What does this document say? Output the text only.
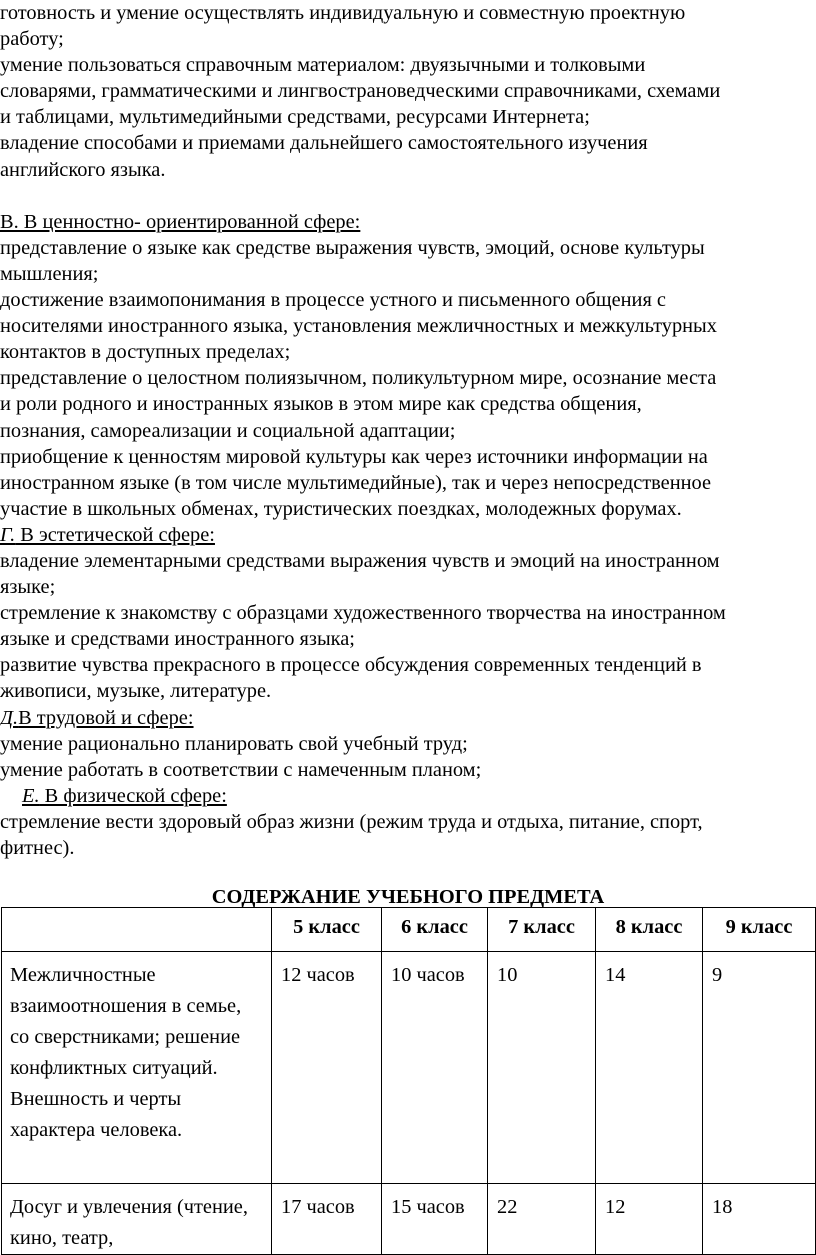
готовность и умение осуществлять индивидуальную и совместную проектную
работу;
умение пользоваться справочным материалом: двуязычными и толковыми
словарями, грамматическими и лингвострановедческими справочниками, схемами
и таблицами, мультимедийными средствами, ресурсами Интернета;
владение способами и приемами дальнейшего самостоятельного изучения
английского языка.
В. В ценностно- ориентированной сфере:
представление о языке как средстве выражения чувств, эмоций, основе культуры
мышления;
достижение взаимопонимания в процессе устного и письменного общения с
носителями иностранного языка, установления межличностных и межкультурных
контактов в доступных пределах;
представление о целостном полиязычном, поликультурном мире, осознание места
и роли родного и иностранных языков в этом мире как средства общения,
познания, самореализации и социальной адаптации;
приобщение к ценностям мировой культуры как через источники информации на
иностранном языке (в том числе мультимедийные), так и через непосредственное
участие в школьных обменах, туристических поездках, молодежных форумах.
Г. В эстетической сфере:
владение элементарными средствами выражения чувств и эмоций на иностранном
языке;
стремление к знакомству с образцами художественного творчества на иностранном
языке и средствами иностранного языка;
развитие чувства прекрасного в процессе обсуждения современных тенденций в
живописи, музыке, литературе.
Д.В трудовой и сфере:
умение рационально планировать свой учебный труд;
умение работать в соответствии с намеченным планом;
Е. В физической сфере:
стремление вести здоровый образ жизни (режим труда и отдыха, питание, спорт,
фитнес).
СОДЕРЖАНИЕ УЧЕБНОГО ПРЕДМЕТА
	5 класс	6 класс	7 класс	8 класс	9 класс
Межличностные взаимоотношения в семье, со сверстниками; решение конфликтных ситуаций. Внешность и черты характера человека.	12 часов	10 часов	10	14	9
Досуг и увлечения (чтение, кино, театр,	17 часов	15 часов	22	12	18
